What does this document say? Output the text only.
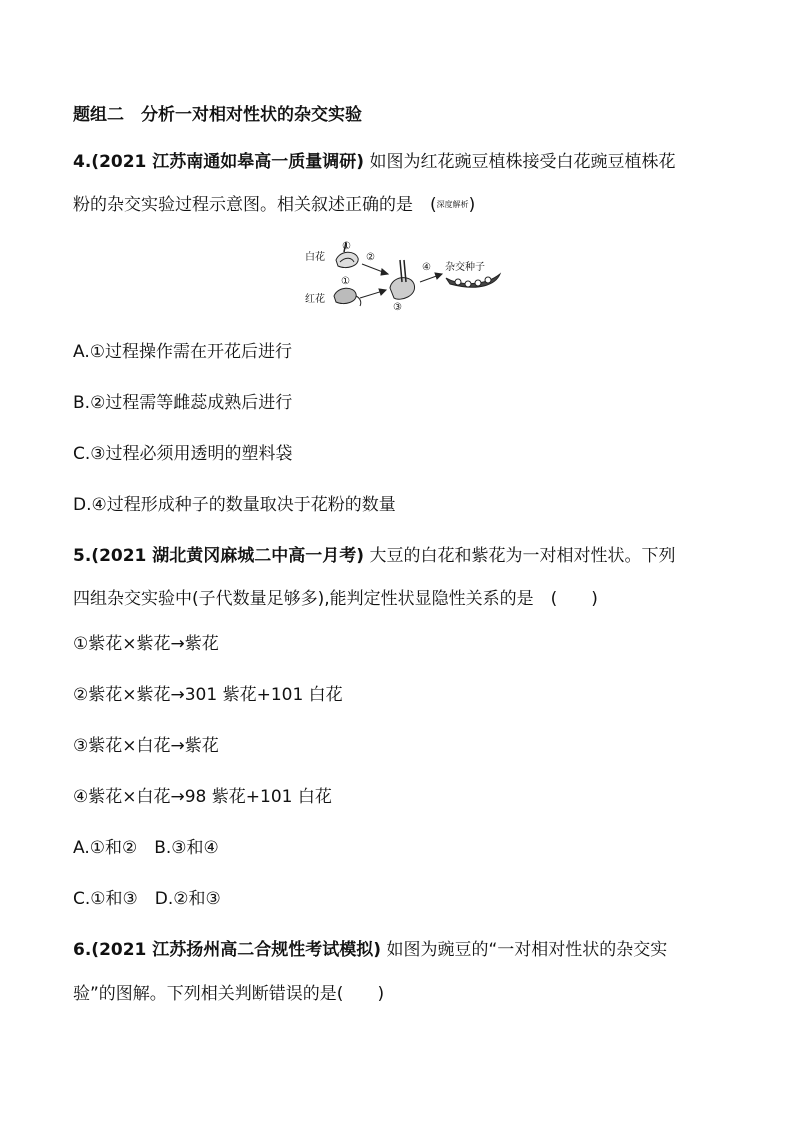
题组二　分析一对相对性状的杂交实验
4.(2021 江苏南通如皋高一质量调研) 如图为红花豌豆植株接受白花豌豆植株花
粉的杂交实验过程示意图。相关叙述正确的是　(深度解析)
白花
①
②
①
红花
③
④ 杂交种子
A.①过程操作需在开花后进行
B.②过程需等雌蕊成熟后进行
C.③过程必须用透明的塑料袋
D.④过程形成种子的数量取决于花粉的数量
5.(2021 湖北黄冈麻城二中高一月考) 大豆的白花和紫花为一对相对性状。下列
四组杂交实验中(子代数量足够多),能判定性状显隐性关系的是　(　　)
①紫花×紫花→紫花
②紫花×紫花→301 紫花+101 白花
③紫花×白花→紫花
④紫花×白花→98 紫花+101 白花
A.①和②　B.③和④
C.①和③　D.②和③
6.(2021 江苏扬州高二合规性考试模拟) 如图为豌豆的“一对相对性状的杂交实
验”的图解。下列相关判断错误的是(　　)
